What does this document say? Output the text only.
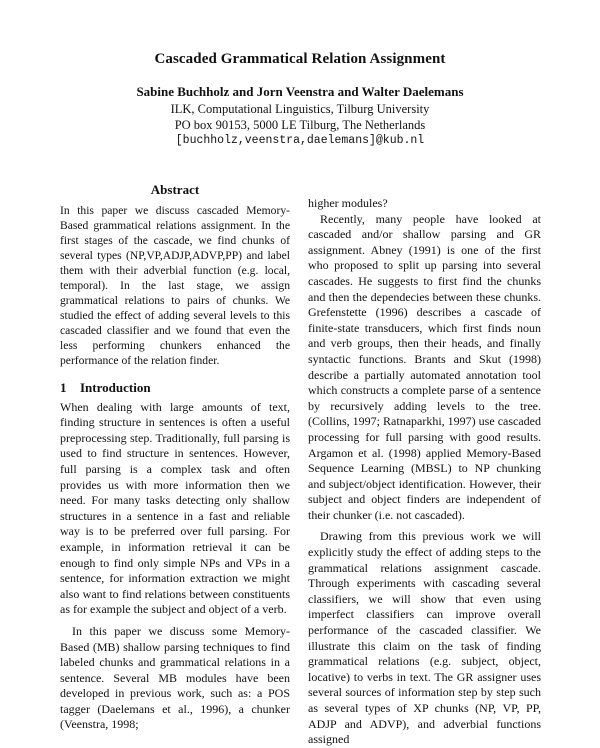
Cascaded Grammatical Relation Assignment
Sabine Buchholz and Jorn Veenstra and Walter Daelemans
ILK, Computational Linguistics, Tilburg University
PO box 90153, 5000 LE Tilburg, The Netherlands
[buchholz,veenstra,daelemans]@kub.nl
Abstract

In this paper we discuss cascaded Memory-Based grammatical relations assignment. In the first stages of the cascade, we find chunks of several types (NP,VP,ADJP,ADVP,PP) and label them with their adverbial function (e.g. local, temporal). In the last stage, we assign grammatical relations to pairs of chunks. We studied the effect of adding several levels to this cascaded classifier and we found that even the less performing chunkers enhanced the performance of the relation finder.

1 Introduction

When dealing with large amounts of text, finding structure in sentences is often a useful preprocessing step. Traditionally, full parsing is used to find structure in sentences. However, full parsing is a complex task and often provides us with more information then we need. For many tasks detecting only shallow structures in a sentence in a fast and reliable way is to be preferred over full parsing. For example, in information retrieval it can be enough to find only simple NPs and VPs in a sentence, for information extraction we might also want to find relations between constituents as for example the subject and object of a verb.

In this paper we discuss some Memory-Based (MB) shallow parsing techniques to find labeled chunks and grammatical relations in a sentence. Several MB modules have been developed in previous work, such as: a POS tagger (Daelemans et al., 1996), a chunker (Veenstra, 1998;

higher modules?

Recently, many people have looked at cascaded and/or shallow parsing and GR assignment. Abney (1991) is one of the first who proposed to split up parsing into several cascades. He suggests to first find the chunks and then the dependecies between these chunks. Grefenstette (1996) describes a cascade of finite-state transducers, which first finds noun and verb groups, then their heads, and finally syntactic functions. Brants and Skut (1998) describe a partially automated annotation tool which constructs a complete parse of a sentence by recursively adding levels to the tree. (Collins, 1997; Ratnaparkhi, 1997) use cascaded processing for full parsing with good results. Argamon et al. (1998) applied Memory-Based Sequence Learning (MBSL) to NP chunking and subject/object identification. However, their subject and object finders are independent of their chunker (i.e. not cascaded).

Drawing from this previous work we will explicitly study the effect of adding steps to the grammatical relations assignment cascade. Through experiments with cascading several classifiers, we will show that even using imperfect classifiers can improve overall performance of the cascaded classifier. We illustrate this claim on the task of finding grammatical relations (e.g. subject, object, locative) to verbs in text. The GR assigner uses several sources of information step by step such as several types of XP chunks (NP, VP, PP, ADJP and ADVP), and adverbial functions assigned
